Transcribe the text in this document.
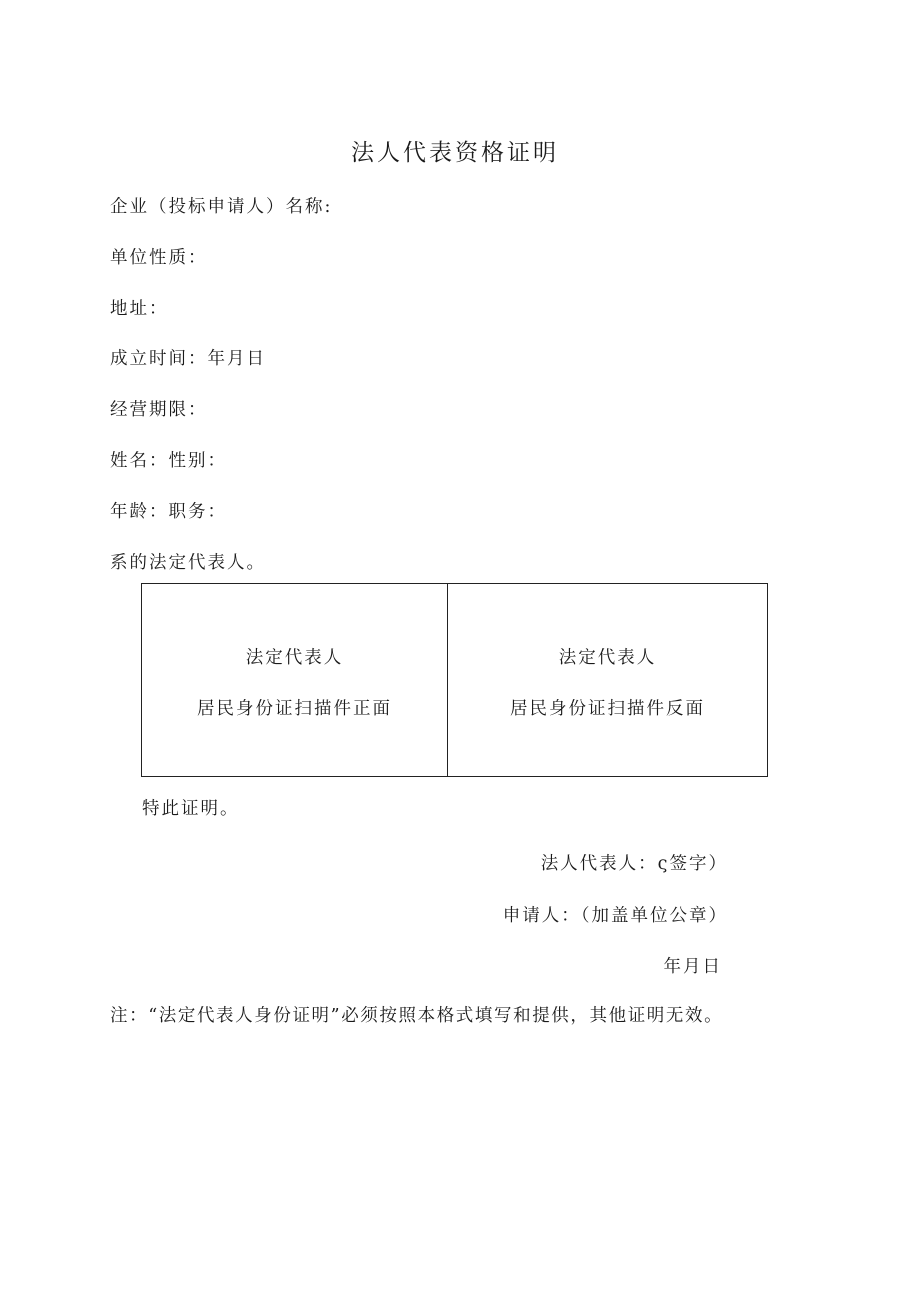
法人代表资格证明
企业（投标申请人）名称:
单位性质：
地址：
成立时间：年月日
经营期限：
姓名：性别：
年龄：职务：
系的法定代表人。
法定代表人
居民身份证扫描件正面
法定代表人
居民身份证扫描件反面
特此证明。
法人代表人：ς签字）
申请人：（加盖单位公章）
年月日
注：“法定代表人身份证明”必须按照本格式填写和提供，其他证明无效。
